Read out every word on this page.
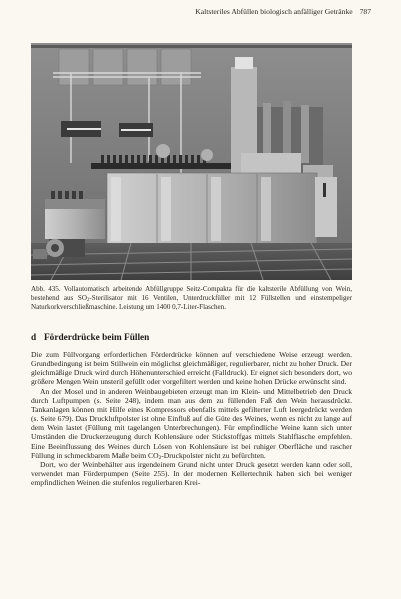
Kaltsteriles Abfüllen biologisch anfälliger Getränke 787

Abb. 435. Vollautomatisch arbeitende Abfüllgruppe Seitz-Compakta für die kaltsterile Abfüllung von Wein, bestehend aus $SO_2$-Sterilisator mit 16 Ventilen, Unterdruckfüller mit 12 Füllstellen und einstempeliger Naturkorkverschließmaschine. Leistung um 1400 0,7-Liter-Flaschen.

d Förderdrücke beim Füllen

Die zum Füllvorgang erforderlichen Förderdrücke können auf verschiedene Weise erzeugt werden. Grundbedingung ist beim Stillwein ein möglichst gleichmäßiger, regulierbarer, nicht zu hoher Druck. Der gleichmäßige Druck wird durch Höhenunterschied erreicht (Falldruck). Er eignet sich besonders dort, wo größere Mengen Wein unsteril gefüllt oder vorgefiltert werden und keine hohen Drücke erwünscht sind.

An der Mosel und in anderen Weinbaugebieten erzeugt man im Klein- und Mittelbetrieb den Druck durch Luftpumpen (s. Seite 248), indem man aus dem zu füllenden Faß den Wein herausdrückt. Tankanlagen können mit Hilfe eines Kompressors ebenfalls mittels gefilterter Luft leergedrückt werden (s. Seite 679). Das Druckluftpolster ist ohne Einfluß auf die Güte des Weines, wenn es nicht zu lange auf dem Wein lastet (Füllung mit tagelangen Unterbrechungen). Für empfindliche Weine kann sich unter Umständen die Druckerzeugung durch Kohlensäure oder Stickstoffgas mittels Stahlflasche empfehlen. Eine Beeinflussung des Weines durch Lösen von Kohlensäure ist bei ruhiger Oberfläche und rascher Füllung in schmeckbarem Maße beim $CO_2$-Druckpolster nicht zu befürchten.

Dort, wo der Weinbehälter aus irgendeinem Grund nicht unter Druck gesetzt werden kann oder soll, verwendet man Förderpumpen (Seite 255). In der modernen Kellertechnik haben sich bei weniger empfindlichen Weinen die stufenlos regulierbaren Krei-
